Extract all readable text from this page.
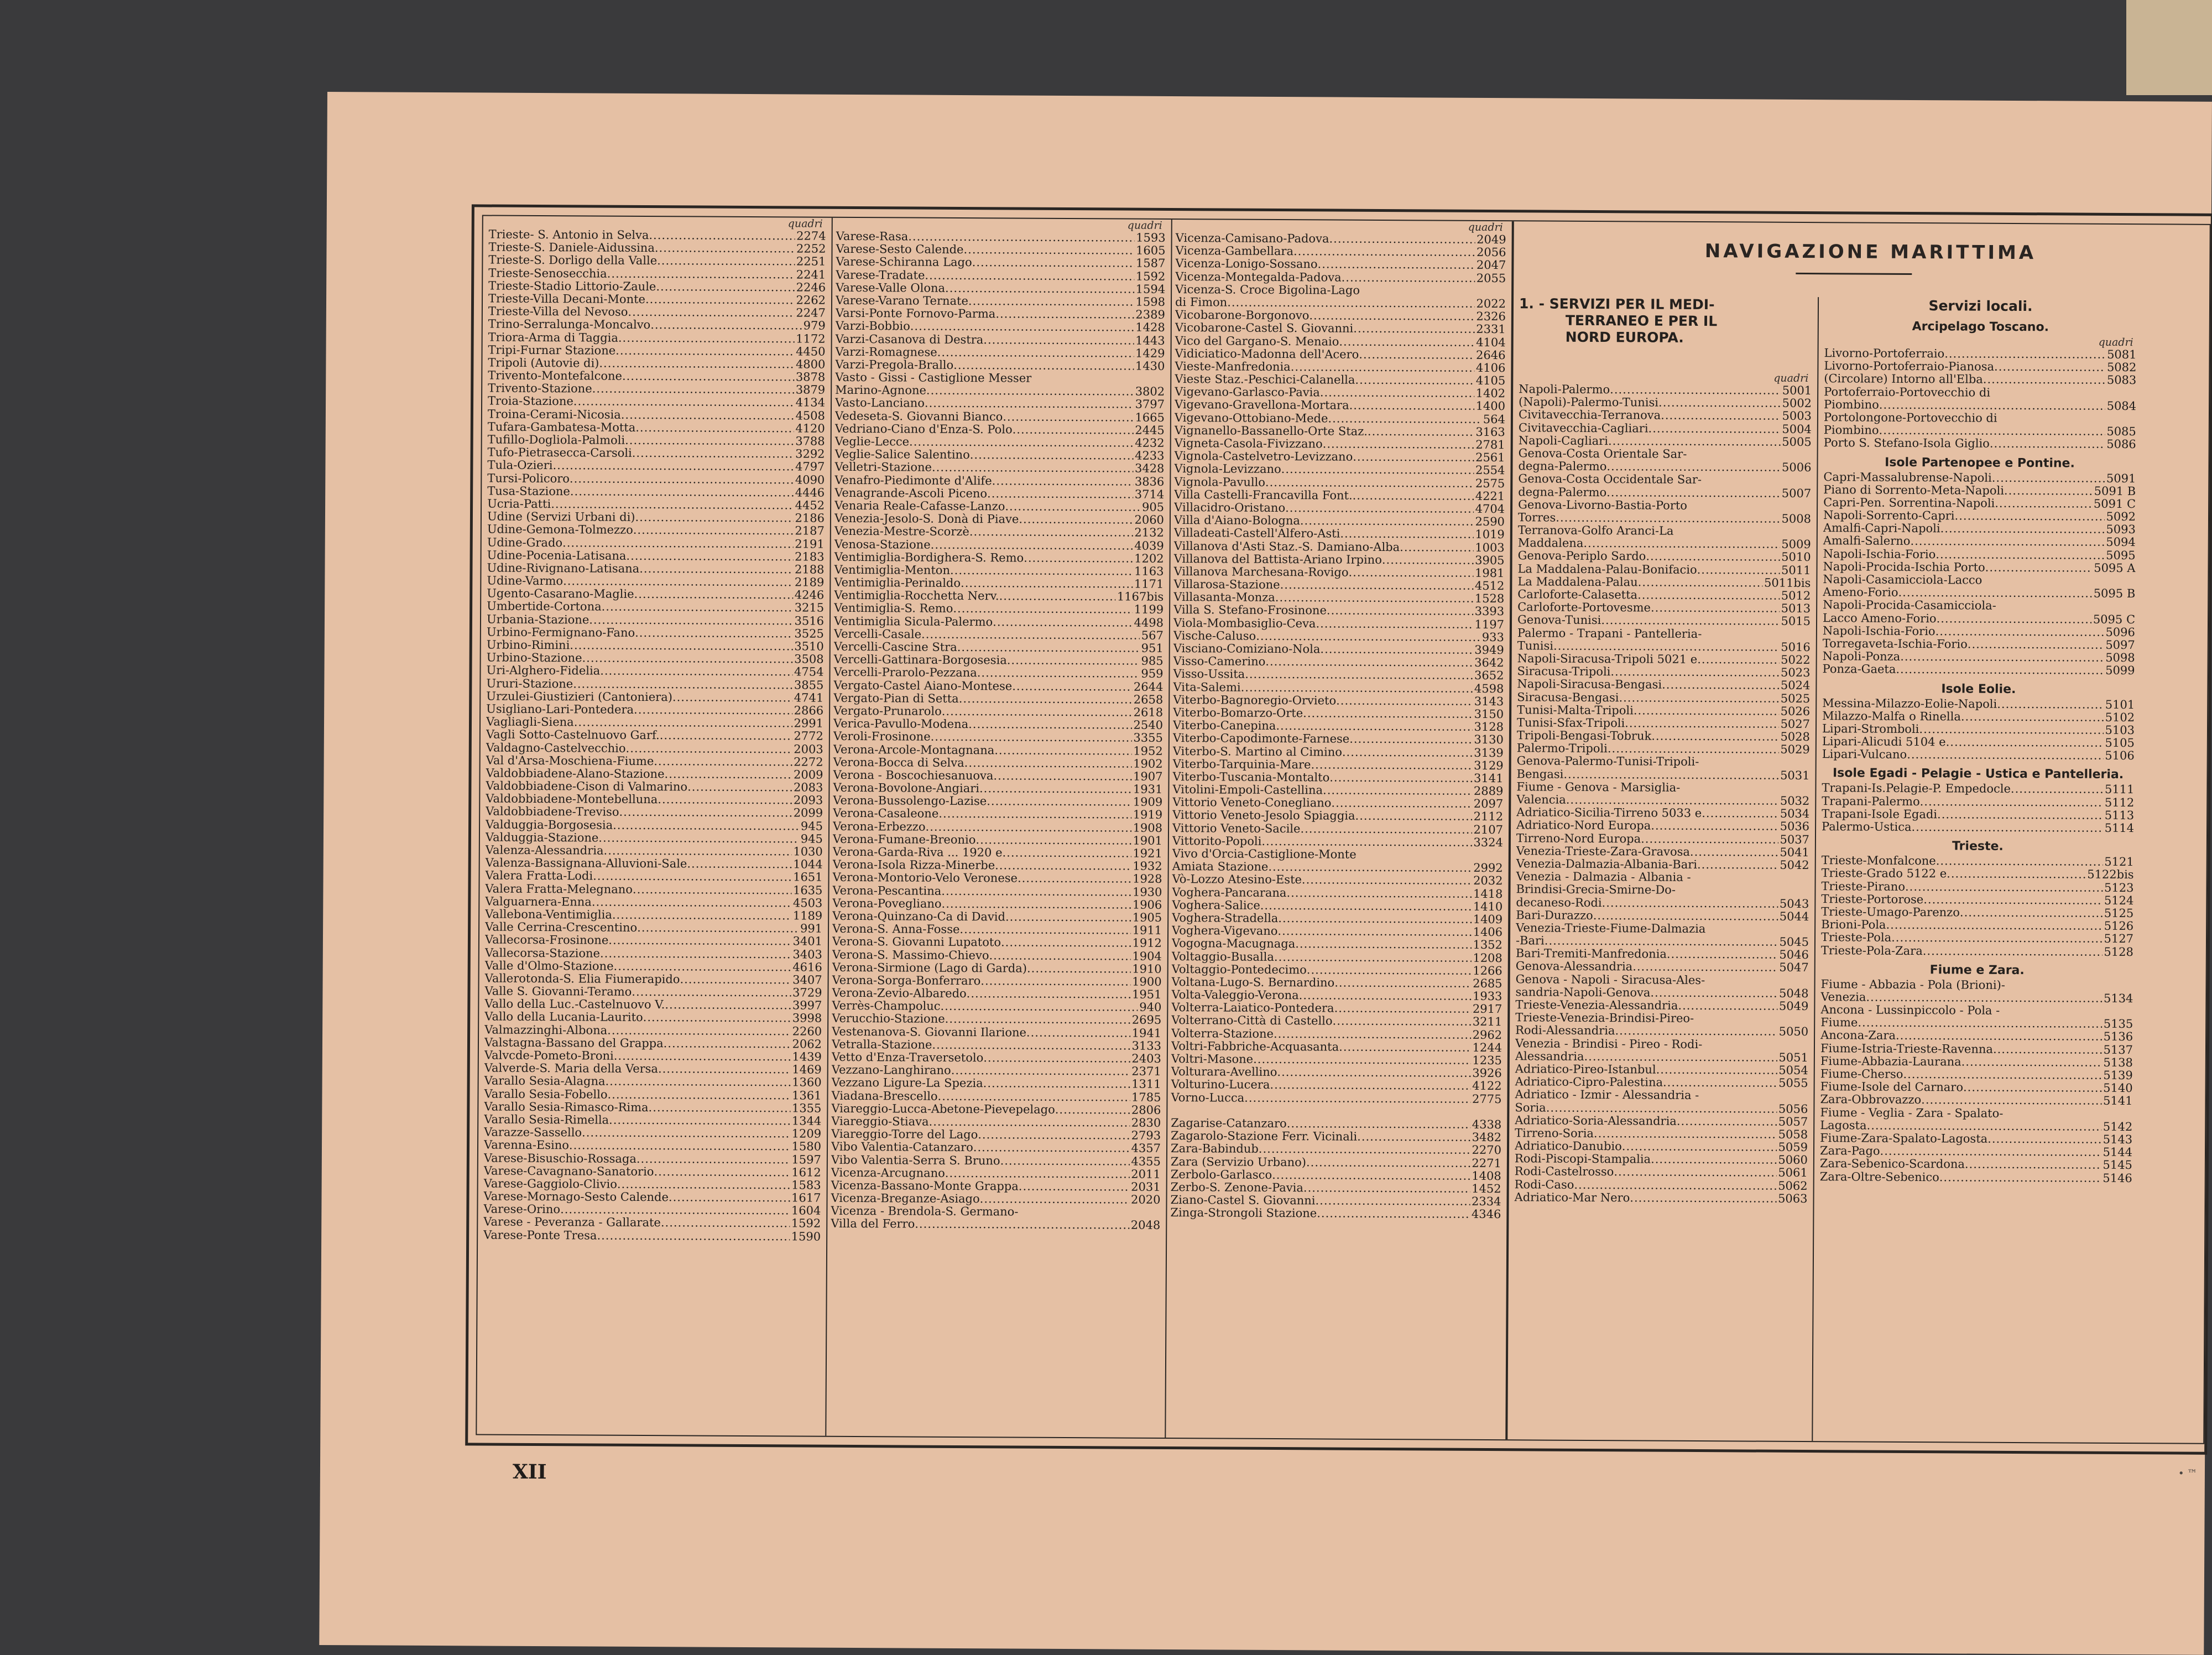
quadri
Trieste- S. Antonio in Selva
.....	2274
Trieste-S. Daniele-Aidussina
.....	2252
Trieste-S. Dorligo della Valle
.....	2251
Trieste-Senosecchia
.....	2241
Trieste-Stadio Littorio-Zaule
.....	2246
Trieste-Villa Decani-Monte
.....	2262
Trieste-Villa del Nevoso
.....	2247
Trino-Serralunga-Moncalvo
.....	979
Triora-Arma di Taggia
.....	1172
Tripi-Furnar Stazione
.....	4450
Tripoli (Autovie di)
.....	4800
Trivento-Montefalcone
.....	3878
Trivento-Stazione
.....	3879
Troia-Stazione
.....	4134
Troina-Cerami-Nicosia
.....	4508
Tufara-Gambatesa-Motta
.....	4120
Tufillo-Dogliola-Palmoli
.....	3788
Tufo-Pietrasecca-Carsoli
.....	3292
Tula-Ozieri
.....	4797
Tursi-Policoro
.....	4090
Tusa-Stazione
.....	4446
Ucria-Patti
.....	4452
Udine (Servizi Urbani di)
.....	2186
Udine-Gemona-Tolmezzo
.....	2187
Udine-Grado
.....	2191
Udine-Pocenia-Latisana
.....	2183
Udine-Rivignano-Latisana
.....	2188
Udine-Varmo
.....	2189
Ugento-Casarano-Maglie
.....	4246
Umbertide-Cortona
.....	3215
Urbania-Stazione
.....	3516
Urbino-Fermignano-Fano
.....	3525
Urbino-Rimini
.....	3510
Urbino-Stazione
.....	3508
Uri-Alghero-Fidelia
.....	4754
Ururi-Stazione
.....	3855
Urzulei-Giustizieri (Cantoniera)
.....	4741
Usigliano-Lari-Pontedera
.....	2866
Vagliagli-Siena
.....	2991
Vagli Sotto-Castelnuovo Garf.
.....	2772
Valdagno-Castelvecchio
.....	2003
Val d'Arsa-Moschiena-Fiume
.....	2272
Valdobbiadene-Alano-Stazione
.....	2009
Valdobbiadene-Cison di Valmarino
.....	2083
Valdobbiadene-Montebelluna
.....	2093
Valdobbiadene-Treviso
.....	2099
Valduggia-Borgosesia
.....	945
Valduggia-Stazione
.....	945
Valenza-Alessandria
.....	1030
Valenza-Bassignana-Alluvioni-Sale
.....	1044
Valera Fratta-Lodi
.....	1651
Valera Fratta-Melegnano
.....	1635
Valguarnera-Enna
.....	4503
Vallebona-Ventimiglia
.....	1189
Valle Cerrina-Crescentino
.....	991
Vallecorsa-Frosinone
.....	3401
Vallecorsa-Stazione
.....	3403
Valle d'Olmo-Stazione
.....	4616
Vallerotonda-S. Elia Fiumerapido
.....	3407
Valle S. Giovanni-Teramo
.....	3729
Vallo della Luc.-Castelnuovo V.
.....	3997
Vallo della Lucania-Laurito
.....	3998
Valmazzinghi-Albona
.....	2260
Valstagna-Bassano del Grappa
.....	2062
Valvcde-Pometo-Broni
.....	1439
Valverde-S. Maria della Versa
.....	1469
Varallo Sesia-Alagna
.....	1360
Varallo Sesia-Fobello
.....	1361
Varallo Sesia-Rimasco-Rima
.....	1355
Varallo Sesia-Rimella
.....	1344
Varazze-Sassello
.....	1209
Varenna-Esino
.....	1580
Varese-Bisuschio-Rossaga
.....	1597
Varese-Cavagnano-Sanatorio
.....	1612
Varese-Gaggiolo-Clivio
.....	1583
Varese-Mornago-Sesto Calende
.....	1617
Varese-Orino
.....	1604
Varese - Peveranza - Gallarate
.....	1592
Varese-Ponte Tresa
.....	1590
quadri
Varese-Rasa
.....	1593
Varese-Sesto Calende
.....	1605
Varese-Schiranna Lago
.....	1587
Varese-Tradate
.....	1592
Varese-Valle Olona
.....	1594
Varese-Varano Ternate
.....	1598
Varsi-Ponte Fornovo-Parma
.....	2389
Varzi-Bobbio
.....	1428
Varzi-Casanova di Destra
.....	1443
Varzi-Romagnese
.....	1429
Varzi-Pregola-Brallo
.....	1430
Vasto - Gissi - Castiglione Messer
Marino-Agnone
.....	3802
Vasto-Lanciano
.....	3797
Vedeseta-S. Giovanni Bianco
.....	1665
Vedriano-Ciano d'Enza-S. Polo
.....	2445
Veglie-Lecce
.....	4232
Veglie-Salice Salentino
.....	4233
Velletri-Stazione
.....	3428
Venafro-Piedimonte d'Alife
.....	3836
Venagrande-Ascoli Piceno
.....	3714
Venaria Reale-Cafasse-Lanzo
.....	905
Venezia-Jesolo-S. Donà di Piave
.....	2060
Venezia-Mestre-Scorzè
.....	2132
Venosa-Stazione
.....	4039
Ventimiglia-Bordighera-S. Remo
.....	1202
Ventimiglia-Menton
.....	1163
Ventimiglia-Perinaldo
.....	1171
Ventimiglia-Rocchetta Nerv.
.....	1167bis
Ventimiglia-S. Remo
.....	1199
Ventimiglia Sicula-Palermo
.....	4498
Vercelli-Casale
.....	567
Vercelli-Cascine Stra
.....	951
Vercelli-Gattinara-Borgosesia
.....	985
Vercelli-Prarolo-Pezzana
.....	959
Vergato-Castel Aiano-Montese
.....	2644
Vergato-Pian di Setta
.....	2658
Vergato-Prunarolo
.....	2618
Verica-Pavullo-Modena
.....	2540
Veroli-Frosinone
.....	3355
Verona-Arcole-Montagnana
.....	1952
Verona-Bocca di Selva
.....	1902
Verona - Boscochiesanuova
.....	1907
Verona-Bovolone-Angiari
.....	1931
Verona-Bussolengo-Lazise
.....	1909
Verona-Casaleone
.....	1919
Verona-Erbezzo
.....	1908
Verona-Fumane-Breonio
.....	1901
Verona-Garda-Riva ... 1920 e
.....	1921
Verona-Isola Rizza-Minerbe
.....	1932
Verona-Montorio-Velo Veronese
.....	1928
Verona-Pescantina
.....	1930
Verona-Povegliano
.....	1906
Verona-Quinzano-Ca di David
.....	1905
Verona-S. Anna-Fosse
.....	1911
Verona-S. Giovanni Lupatoto
.....	1912
Verona-S. Massimo-Chievo
.....	1904
Verona-Sirmione (Lago di Garda)
.....	1910
Verona-Sorga-Bonferraro
.....	1900
Verona-Zevio-Albaredo
.....	1951
Verrès-Champoluc
.....	940
Verucchio-Stazione
.....	2695
Vestenanova-S. Giovanni Ilarione
.....	1941
Vetralla-Stazione
.....	3133
Vetto d'Enza-Traversetolo
.....	2403
Vezzano-Langhirano
.....	2371
Vezzano Ligure-La Spezia
.....	1311
Viadana-Brescello
.....	1785
Viareggio-Lucca-Abetone-Pievepelago
.....	2806
Viareggio-Stiava
.....	2830
Viareggio-Torre del Lago
.....	2793
Vibo Valentia-Catanzaro
.....	4357
Vibo Valentia-Serra S. Bruno
.....	4355
Vicenza-Arcugnano
.....	2011
Vicenza-Bassano-Monte Grappa
.....	2031
Vicenza-Breganze-Asiago
.....	2020
Vicenza - Brendola-S. Germano-
Villa del Ferro
.....	2048
quadri
Vicenza-Camisano-Padova
.....	2049
Vicenza-Gambellara
.....	2056
Vicenza-Lonigo-Sossano
.....	2047
Vicenza-Montegalda-Padova
.....	2055
Vicenza-S. Croce Bigolina-Lago
di Fimon
.....	2022
Vicobarone-Borgonovo
.....	2326
Vicobarone-Castel S. Giovanni
.....	2331
Vico del Gargano-S. Menaio
.....	4104
Vidiciatico-Madonna dell'Acero
.....	2646
Vieste-Manfredonia
.....	4106
Vieste Staz.-Peschici-Calanella
.....	4105
Vigevano-Garlasco-Pavia
.....	1402
Vigevano-Gravellona-Mortara
.....	1400
Vigevano-Ottobiano-Mede
.....	564
Vignanello-Bassanello-Orte Staz.
.....	3163
Vigneta-Casola-Fivizzano
.....	2781
Vignola-Castelvetro-Levizzano
.....	2561
Vignola-Levizzano
.....	2554
Vignola-Pavullo
.....	2575
Villa Castelli-Francavilla Font.
.....	4221
Villacidro-Oristano
.....	4704
Villa d'Aiano-Bologna
.....	2590
Villadeati-Castell'Alfero-Asti
.....	1019
Villanova d'Asti Staz.-S. Damiano-Alba
.....	1003
Villanova del Battista-Ariano Irpino
.....	3905
Villanova Marchesana-Rovigo
.....	1981
Villarosa-Stazione
.....	4512
Villasanta-Monza
.....	1528
Villa S. Stefano-Frosinone
.....	3393
Viola-Mombasiglio-Ceva
.....	1197
Vische-Caluso
.....	933
Visciano-Comiziano-Nola
.....	3949
Visso-Camerino
.....	3642
Visso-Ussita
.....	3652
Vita-Salemi
.....	4598
Viterbo-Bagnoregio-Orvieto
.....	3143
Viterbo-Bomarzo-Orte
.....	3150
Viterbo-Canepina
.....	3128
Viterbo-Capodimonte-Farnese
.....	3130
Viterbo-S. Martino al Cimino
.....	3139
Viterbo-Tarquinia-Mare
.....	3129
Viterbo-Tuscania-Montalto
.....	3141
Vitolini-Empoli-Castellina
.....	2889
Vittorio Veneto-Conegliano
.....	2097
Vittorio Veneto-Jesolo Spiaggia
.....	2112
Vittorio Veneto-Sacile
.....	2107
Vittorito-Popoli
.....	3324
Vivo d'Orcia-Castiglione-Monte
Amiata Stazione
.....	2992
Vò-Lozzo Atesino-Este
.....	2032
Voghera-Pancarana
.....	1418
Voghera-Salice
.....	1410
Voghera-Stradella
.....	1409
Voghera-Vigevano
.....	1406
Vogogna-Macugnaga
.....	1352
Voltaggio-Busalla
.....	1208
Voltaggio-Pontedecimo
.....	1266
Voltana-Lugo-S. Bernardino
.....	2685
Volta-Valeggio-Verona
.....	1933
Volterra-Laiatico-Pontedera
.....	2917
Volterrano-Città di Castello
.....	3211
Volterra-Stazione
.....	2962
Voltri-Fabbriche-Acquasanta
.....	1244
Voltri-Masone
.....	1235
Volturara-Avellino
.....	3926
Volturino-Lucera
.....	4122
Vorno-Lucca
.....	2775
Zagarise-Catanzaro
.....	4338
Zagarolo-Stazione Ferr. Vicinali
.....	3482
Zara-Babindub
.....	2270
Zara (Servizio Urbano)
.....	2271
Zerbolo-Garlasco
.....	1408
Zerbo-S. Zenone-Pavia
.....	1452
Ziano-Castel S. Giovanni
.....	2334
Zinga-Strongoli Stazione
.....	4346
NAVIGAZIONE MARITTIMA
1. - SERVIZI PER IL MEDI-
TERRANEO E PER IL
NORD EUROPA.
quadri
Napoli-Palermo
.....	5001
(Napoli)-Palermo-Tunisi
.....	5002
Civitavecchia-Terranova
.....	5003
Civitavecchia-Cagliari
.....	5004
Napoli-Cagliari
.....	5005
Genova-Costa Orientale Sar-
degna-Palermo
.....	5006
Genova-Costa Occidentale Sar-
degna-Palermo
.....	5007
Genova-Livorno-Bastia-Porto
Torres
.....	5008
Terranova-Golfo Aranci-La
Maddalena
.....	5009
Genova-Periplo Sardo
.....	5010
La Maddalena-Palau-Bonifacio
.....	5011
La Maddalena-Palau
.....	5011bis
Carloforte-Calasetta
.....	5012
Carloforte-Portovesme
.....	5013
Genova-Tunisi
.....	5015
Palermo - Trapani - Pantelleria-
Tunisi
.....	5016
Napoli-Siracusa-Tripoli 5021 e
.....	5022
Siracusa-Tripoli
.....	5023
Napoli-Siracusa-Bengasi
.....	5024
Siracusa-Bengasi
.....	5025
Tunisi-Malta-Tripoli
.....	5026
Tunisi-Sfax-Tripoli
.....	5027
Tripoli-Bengasi-Tobruk
.....	5028
Palermo-Tripoli
.....	5029
Genova-Palermo-Tunisi-Tripoli-
Bengasi
.....	5031
Fiume - Genova - Marsiglia-
Valencia
.....	5032
Adriatico-Sicilia-Tirreno 5033 e
.....	5034
Adriatico-Nord Europa
.....	5036
Tirreno-Nord Europa
.....	5037
Venezia-Trieste-Zara-Gravosa
.....	5041
Venezia-Dalmazia-Albania-Bari
.....	5042
Venezia - Dalmazia - Albania -
Brindisi-Grecia-Smirne-Do-
decaneso-Rodi
.....	5043
Bari-Durazzo
.....	5044
Venezia-Trieste-Fiume-Dalmazia
-Bari
.....	5045
Bari-Tremiti-Manfredonia
.....	5046
Genova-Alessandria
.....	5047
Genova - Napoli - Siracusa-Ales-
sandria-Napoli-Genova
.....	5048
Trieste-Venezia-Alessandria
.....	5049
Trieste-Venezia-Brindisi-Pireo-
Rodi-Alessandria
.....	5050
Venezia - Brindisi - Pireo - Rodi-
Alessandria
.....	5051
Adriatico-Pireo-Istanbul
.....	5054
Adriatico-Cipro-Palestina
.....	5055
Adriatico - Izmir - Alessandria -
Soria
.....	5056
Adriatico-Soria-Alessandria
.....	5057
Tirreno-Soria
.....	5058
Adriatico-Danubio
.....	5059
Rodi-Piscopi-Stampalia
.....	5060
Rodi-Castelrosso
.....	5061
Rodi-Caso
.....	5062
Adriatico-Mar Nero
.....	5063
Servizi locali.
Arcipelago Toscano.
quadri
Livorno-Portoferraio
.....	5081
Livorno-Portoferraio-Pianosa
.....	5082
(Circolare) Intorno all'Elba
.....	5083
Portoferraio-Portovecchio di
Piombino
.....	5084
Portolongone-Portovecchio di
Piombino
.....	5085
Porto S. Stefano-Isola Giglio
.....	5086
Isole Partenopee e Pontine.
Capri-Massalubrense-Napoli
.....	5091
Piano di Sorrento-Meta-Napoli
.....	5091 B
Capri-Pen. Sorrentina-Napoli
.....	5091 C
Napoli-Sorrento-Capri
.....	5092
Amalfi-Capri-Napoli
.....	5093
Amalfi-Salerno
.....	5094
Napoli-Ischia-Forio
.....	5095
Napoli-Procida-Ischia Porto
.....	5095 A
Napoli-Casamicciola-Lacco
Ameno-Forio
.....	5095 B
Napoli-Procida-Casamicciola-
Lacco Ameno-Forio
.....	5095 C
Napoli-Ischia-Forio
.....	5096
Torregaveta-Ischia-Forio
.....	5097
Napoli-Ponza
.....	5098
Ponza-Gaeta
.....	5099
Isole Eolie.
Messina-Milazzo-Eolie-Napoli
.....	5101
Milazzo-Malfa o Rinella
.....	5102
Lipari-Stromboli
.....	5103
Lipari-Alicudi 5104 e
.....	5105
Lipari-Vulcano
.....	5106
Isole Egadi - Pelagie - Ustica e Pantelleria.
Trapani-Is.Pelagie-P. Empedocle
.....	5111
Trapani-Palermo
.....	5112
Trapani-Isole Egadi
.....	5113
Palermo-Ustica
.....	5114
Trieste.
Trieste-Monfalcone
.....	5121
Trieste-Grado 5122 e
.....	5122bis
Trieste-Pirano
.....	5123
Trieste-Portorose
.....	5124
Trieste-Umago-Parenzo
.....	5125
Brioni-Pola
.....	5126
Trieste-Pola
.....	5127
Trieste-Pola-Zara
.....	5128
Fiume e Zara.
Fiume - Abbazia - Pola (Brioni)-
Venezia
.....	5134
Ancona - Lussinpiccolo - Pola -
Fiume
.....	5135
Ancona-Zara
.....	5136
Fiume-Istria-Trieste-Ravenna
.....	5137
Fiume-Abbazia-Laurana
.....	5138
Fiume-Cherso
.....	5139
Fiume-Isole del Carnaro
.....	5140
Zara-Obbrovazzo
.....	5141
Fiume - Veglia - Zara - Spalato-
Lagosta
.....	5142
Fiume-Zara-Spalato-Lagosta
.....	5143
Zara-Pago
.....	5144
Zara-Sebenico-Scardona
.....	5145
Zara-Oltre-Sebenico
.....	5146
XII	• ™
